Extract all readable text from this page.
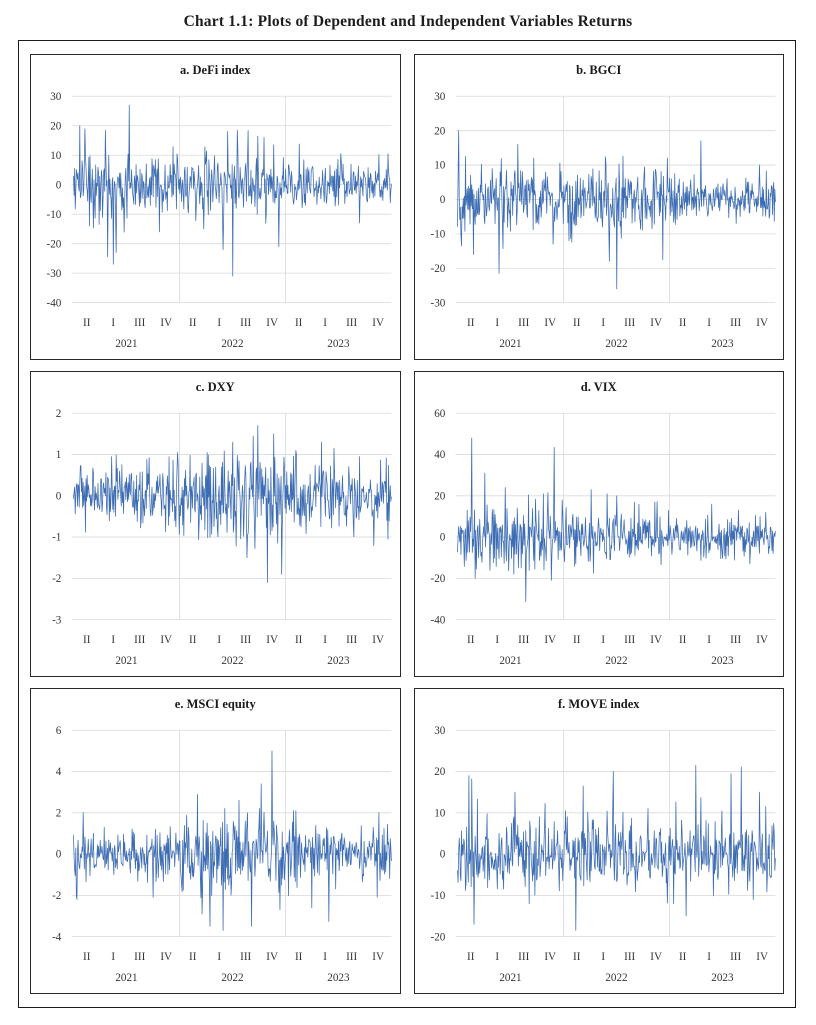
Chart 1.1: Plots of Dependent and Independent Variables Returns
a. DeFi index
30
20
10
0
-10
-20
-30
-40
II I III IV II I III IV II I III IV
2021	2022	2023
b. BGCI
30
20
10
0
-10
-20
-30
II I III IV II I III IV II I III IV
2021	2022	2023
c. DXY
2
1
0
-1
-2
-3
II I III IV II I III IV II I III IV
2021	2022	2023
d. VIX
60
40
20
0
-20
-40
II I III IV II I III IV II I III IV
2021	2022	2023
e. MSCI equity
6
4
2
0
-2
-4
II I III IV II I III IV II I III IV
2021	2022	2023
f. MOVE index
30
20
10
0
-10
-20
II I III IV II I III IV II I III IV
2021	2022	2023
